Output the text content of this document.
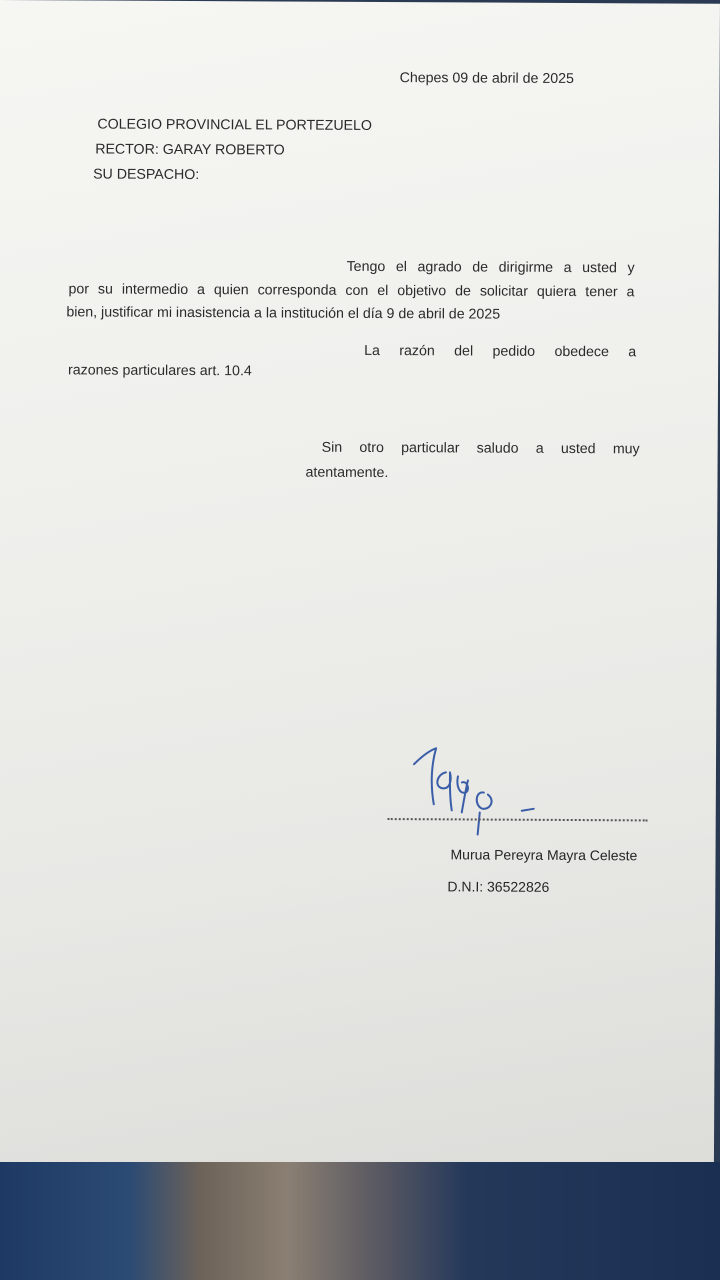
Chepes 09 de abril de 2025
COLEGIO PROVINCIAL EL PORTEZUELO
RECTOR: GARAY ROBERTO
SU DESPACHO:
Tengo el agrado de dirigirme a usted y
por su intermedio a quien corresponda con el objetivo de solicitar quiera tener a
bien, justificar mi inasistencia a la institución el día 9 de abril de 2025
La razón del pedido obedece a
razones particulares art. 10.4
Sin otro particular saludo a usted muy
atentamente.
Murua Pereyra Mayra Celeste
D.N.I: 36522826
